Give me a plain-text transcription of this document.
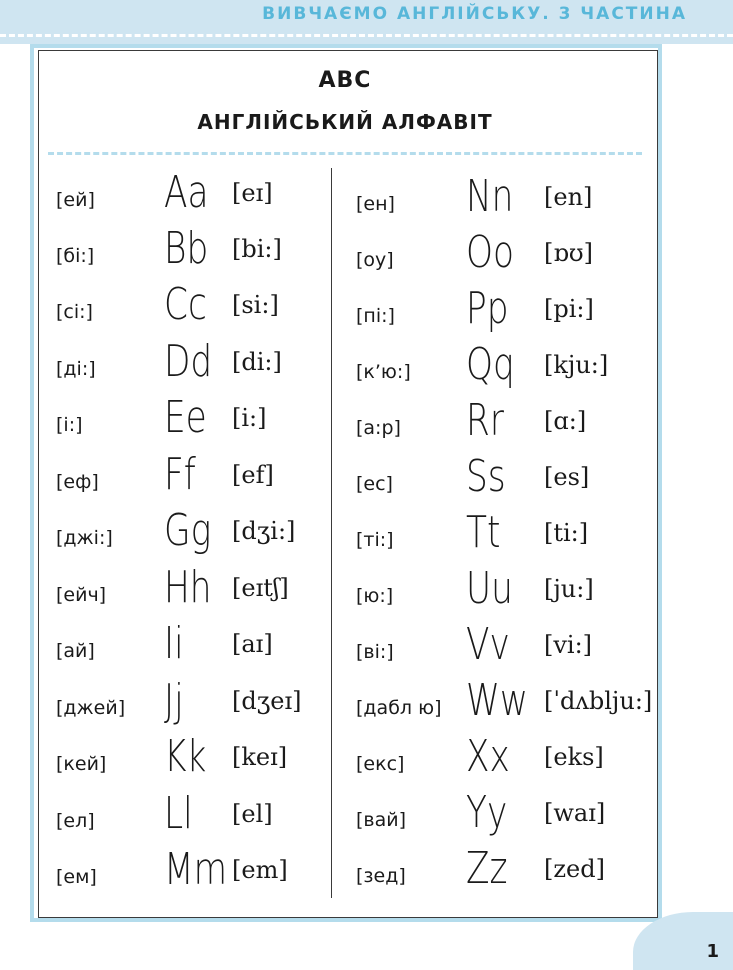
ВИВЧАЄМО АНГЛІЙСЬКУ. 3 ЧАСТИНА
ABC
АНГЛІЙСЬКИЙ АЛФАВІТ
[ей] Aa [eɪ]
[бі:] Bb [bi:]
[сі:] Cc [si:]
[ді:] Dd [di:]
[і:] Ee [i:]
[еф] Ff [ef]
[джі:] Gg [dʒi:]
[ейч] Hh [eɪtʃ]
[ай] Ii [aɪ]
[джей] Jj [dʒeɪ]
[кей] Kk [keɪ]
[ел] Ll [el]
[ем] Mm [em]
[ен] Nn [en]
[оу] Oo [ɒʊ]
[пі:] Pp [pi:]
[к’ю:] Qq [kju:]
[а:р] Rr [ɑ:]
[ес] Ss [es]
[ті:] Tt [ti:]
[ю:] Uu [ju:]
[ві:] Vv [vi:]
[дабл ю] Ww [ˈdʌblju:]
[екс] Xx [eks]
[вай] Yy [waɪ]
[зед] Zz [zed]
1
